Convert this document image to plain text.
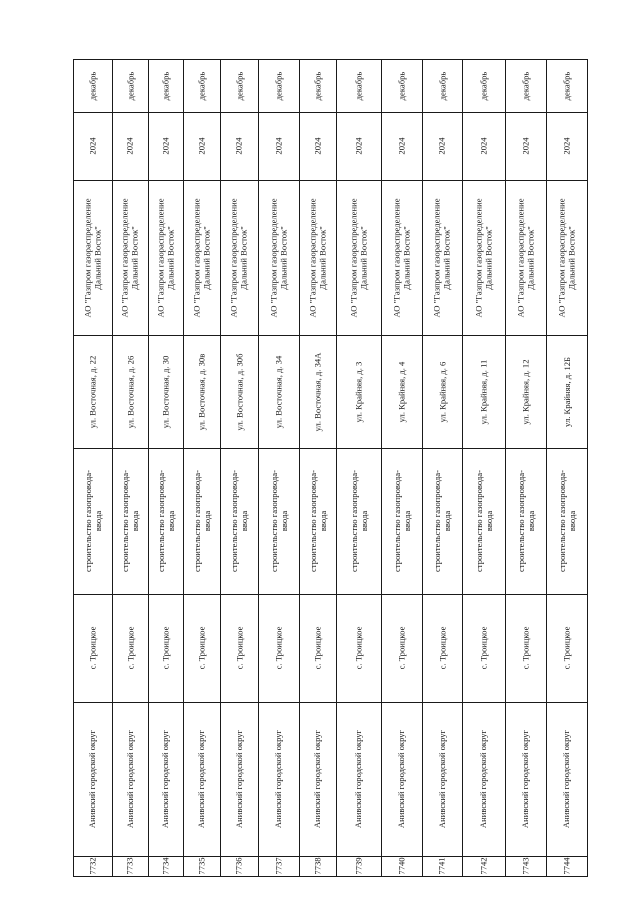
декабрь
2024
АО "Газпром газораспределение Дальний Восток"
ул. Восточная, д. 22
строительство газопровода- ввода
с. Троицкое
Анивский городской округ
7732
декабрь
2024
АО "Газпром газораспределение Дальний Восток"
ул. Восточная, д. 26
строительство газопровода- ввода
с. Троицкое
Анивский городской округ
7733
декабрь
2024
АО "Газпром газораспределение Дальний Восток"
ул. Восточная, д. 30
строительство газопровода- ввода
с. Троицкое
Анивский городской округ
7734
декабрь
2024
АО "Газпром газораспределение Дальний Восток"
ул. Восточная, д. 30в
строительство газопровода- ввода
с. Троицкое
Анивский городской округ
7735
декабрь
2024
АО "Газпром газораспределение Дальний Восток"
ул. Восточная, д. 30б
строительство газопровода- ввода
с. Троицкое
Анивский городской округ
7736
декабрь
2024
АО "Газпром газораспределение Дальний Восток"
ул. Восточная, д. 34
строительство газопровода- ввода
с. Троицкое
Анивский городской округ
7737
декабрь
2024
АО "Газпром газораспределение Дальний Восток"
ул. Восточная, д. 34А
строительство газопровода- ввода
с. Троицкое
Анивский городской округ
7738
декабрь
2024
АО "Газпром газораспределение Дальний Восток"
ул. Крайняя, д. 3
строительство газопровода- ввода
с. Троицкое
Анивский городской округ
7739
декабрь
2024
АО "Газпром газораспределение Дальний Восток"
ул. Крайняя, д. 4
строительство газопровода- ввода
с. Троицкое
Анивский городской округ
7740
декабрь
2024
АО "Газпром газораспределение Дальний Восток"
ул. Крайняя, д. 6
строительство газопровода- ввода
с. Троицкое
Анивский городской округ
7741
декабрь
2024
АО "Газпром газораспределение Дальний Восток"
ул. Крайняя, д. 11
строительство газопровода- ввода
с. Троицкое
Анивский городской округ
7742
декабрь
2024
АО "Газпром газораспределение Дальний Восток"
ул. Крайняя, д. 12
строительство газопровода- ввода
с. Троицкое
Анивский городской округ
7743
декабрь
2024
АО "Газпром газораспределение Дальний Восток"
ул. Крайняя, д. 12Б
строительство газопровода- ввода
с. Троицкое
Анивский городской округ
7744
